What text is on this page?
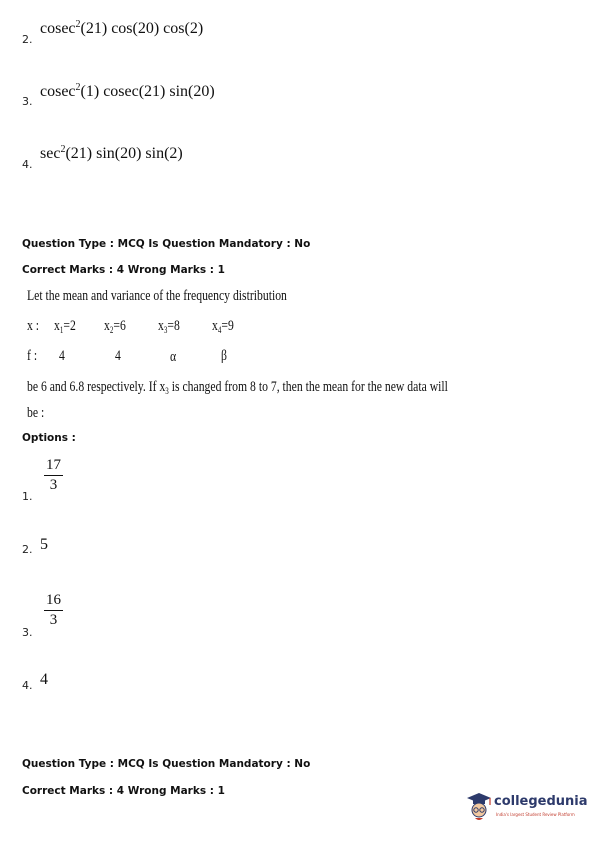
2.
cosec$^2$(21) cos(20) cos(2)
3.
cosec$^2$(1) cosec(21) sin(20)
4.
$\sec^2(21)$ sin(20) sin(2)
Question Type : MCQ Is Question Mandatory : No
Correct Marks : 4 Wrong Marks : 1
Let the mean and variance of the frequency distribution
x : $x_1=2$ $x_2=6$ $x_3=8$ $x_4=9$
f : 4	4	α	β
be 6 and 6.8 respectively. If $x_3$ is changed from 8 to 7, then the mean for the new data will
be :
Options :
1.
17
3
2. 5
3.
16
3
4. 4
Question Type : MCQ Is Question Mandatory : No
Correct Marks : 4 Wrong Marks : 1
collegedunia
India's largest Student Review Platform
